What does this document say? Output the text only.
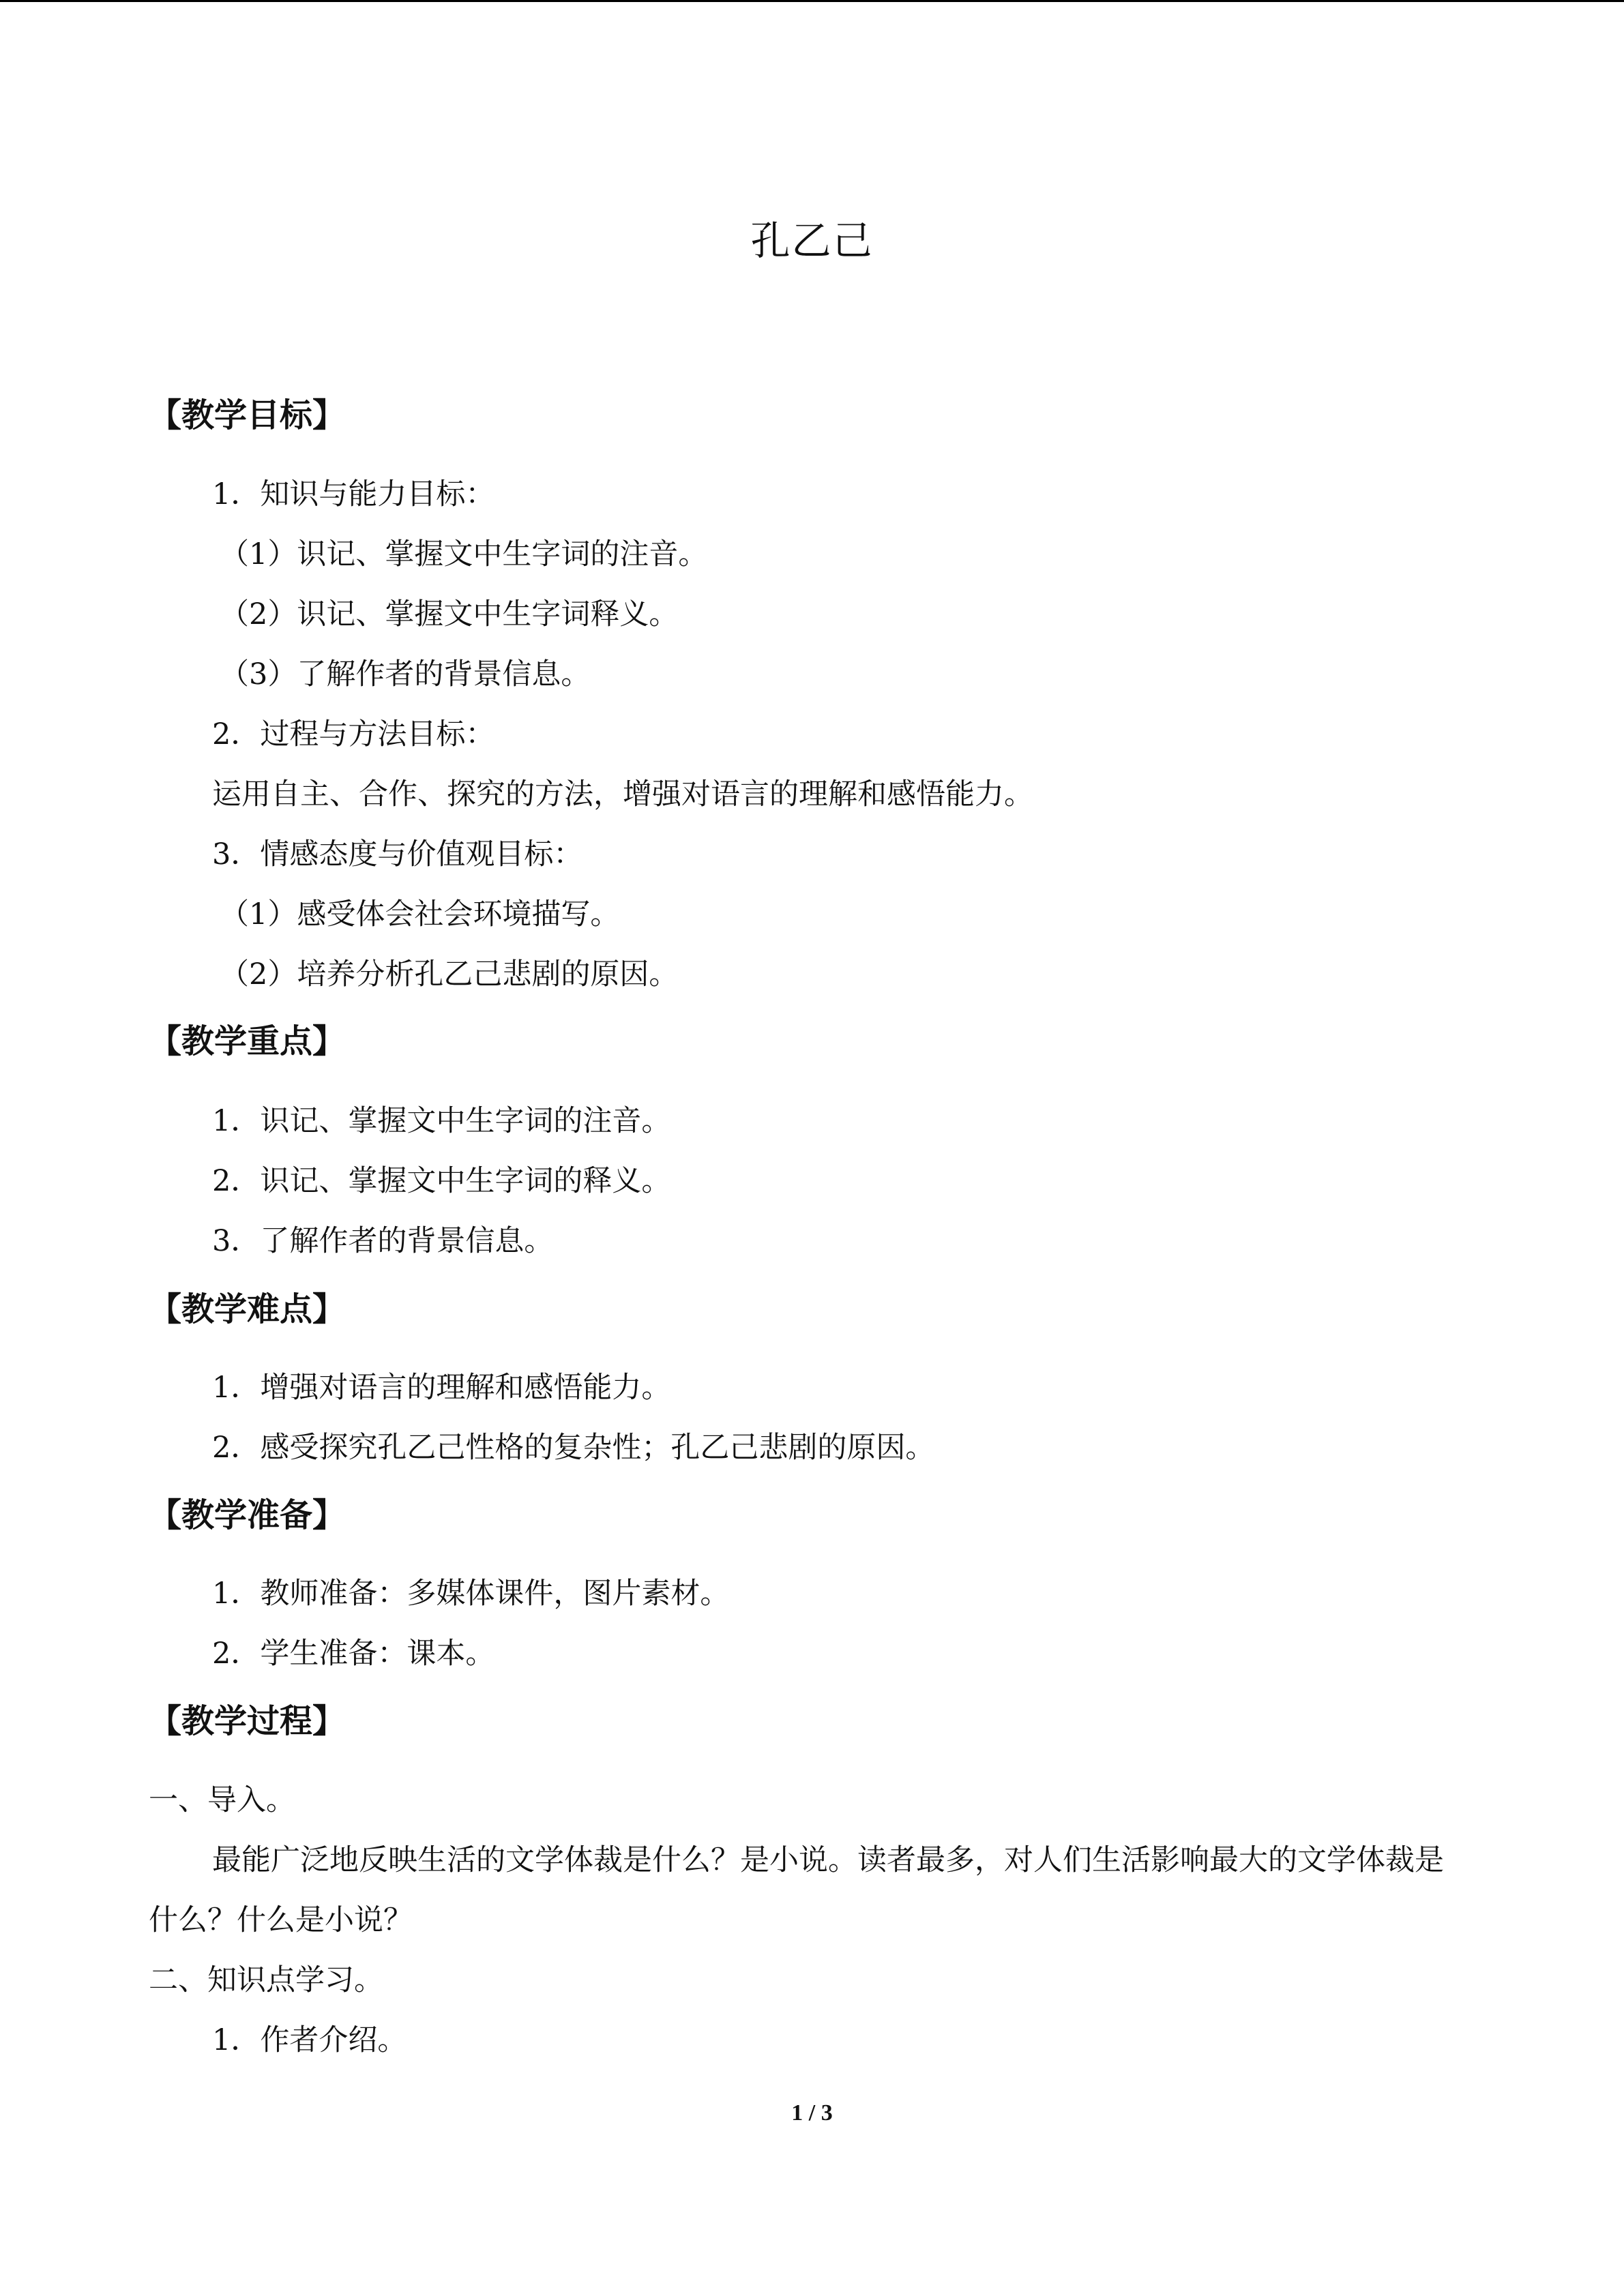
孔乙己
【教学目标】

1．知识与能力目标：

（1）识记、掌握文中生字词的注音。

（2）识记、掌握文中生字词释义。

（3）了解作者的背景信息。

2．过程与方法目标：

运用自主、合作、探究的方法，增强对语言的理解和感悟能力。

3．情感态度与价值观目标：

（1）感受体会社会环境描写。

（2）培养分析孔乙己悲剧的原因。

【教学重点】

1．识记、掌握文中生字词的注音。

2．识记、掌握文中生字词的释义。

3．了解作者的背景信息。

【教学难点】

1．增强对语言的理解和感悟能力。

2．感受探究孔乙己性格的复杂性；孔乙己悲剧的原因。

【教学准备】

1．教师准备：多媒体课件，图片素材。

2．学生准备：课本。

【教学过程】

一、导入。

最能广泛地反映生活的文学体裁是什么？是小说。读者最多，对人们生活影响最大的文学体裁是什么？什么是小说？

二、知识点学习。

1．作者介绍。

1 / 3
